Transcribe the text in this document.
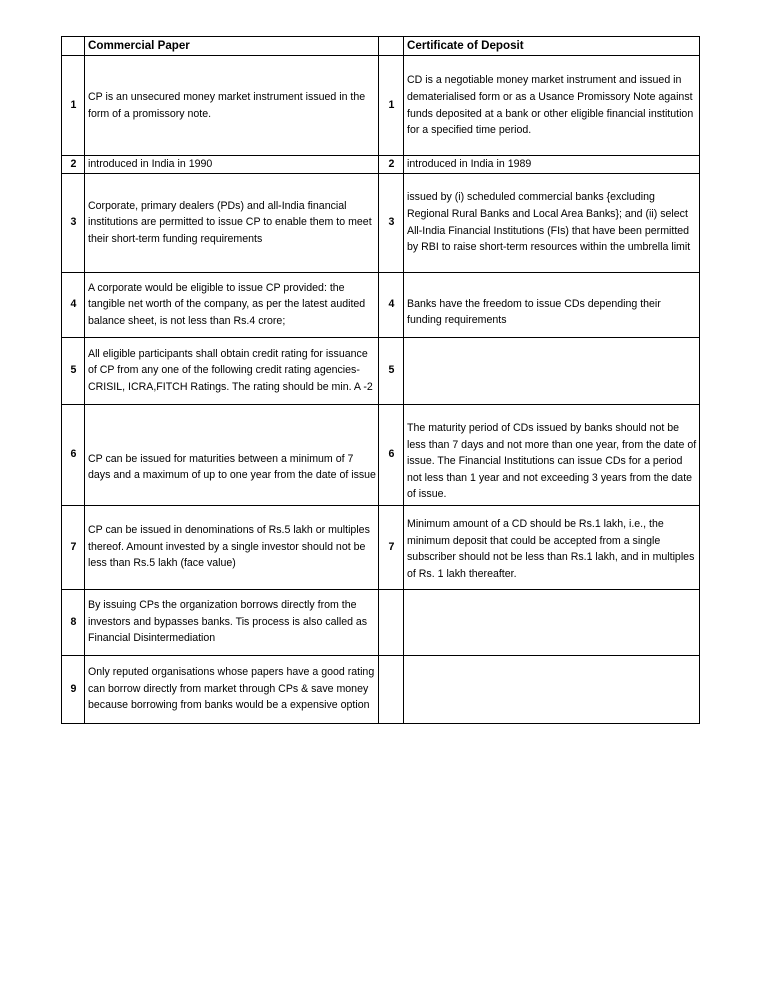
	Commercial Paper		Certificate of Deposit
1	CP is an unsecured money market instrument issued in the form of a promissory note.	1	CD is a negotiable money market instrument and issued in dematerialised form or as a Usance Promissory Note against funds deposited at a bank or other eligible financial institution for a specified time period.
2	introduced in India in 1990	2	introduced in India in 1989
3	Corporate, primary dealers (PDs) and all-India financial institutions are permitted to issue CP to enable them to meet their short-term funding requirements	3	issued by (i) scheduled commercial banks {excluding Regional Rural Banks and Local Area Banks}; and (ii) select All-India Financial Institutions (FIs) that have been permitted by RBI to raise short-term resources within the umbrella limit
4	A corporate would be eligible to issue CP provided: the tangible net worth of the company, as per the latest audited balance sheet, is not less than Rs.4 crore;	4	Banks have the freedom to issue CDs depending their funding requirements
5	All eligible participants shall obtain credit rating for issuance of CP from any one of the following credit rating agencies- CRISIL, ICRA,FITCH Ratings. The rating should be min. A -2	5	
6	CP can be issued for maturities between a minimum of 7 days and a maximum of up to one year from the date of issue	6	The maturity period of CDs issued by banks should not be less than 7 days and not more than one year, from the date of issue. The Financial Institutions can issue CDs for a period not less than 1 year and not exceeding 3 years from the date of issue.
7	CP can be issued in denominations of Rs.5 lakh or multiples thereof. Amount invested by a single investor should not be less than Rs.5 lakh (face value)	7	Minimum amount of a CD should be Rs.1 lakh, i.e., the minimum deposit that could be accepted from a single subscriber should not be less than Rs.1 lakh, and in multiples of Rs. 1 lakh thereafter.
8	By issuing CPs the organization borrows directly from the investors and bypasses banks. Tis process is also called as Financial Disintermediation		
9	Only reputed organisations whose papers have a good rating can borrow directly from market through CPs & save money because borrowing from banks would be a expensive option		
